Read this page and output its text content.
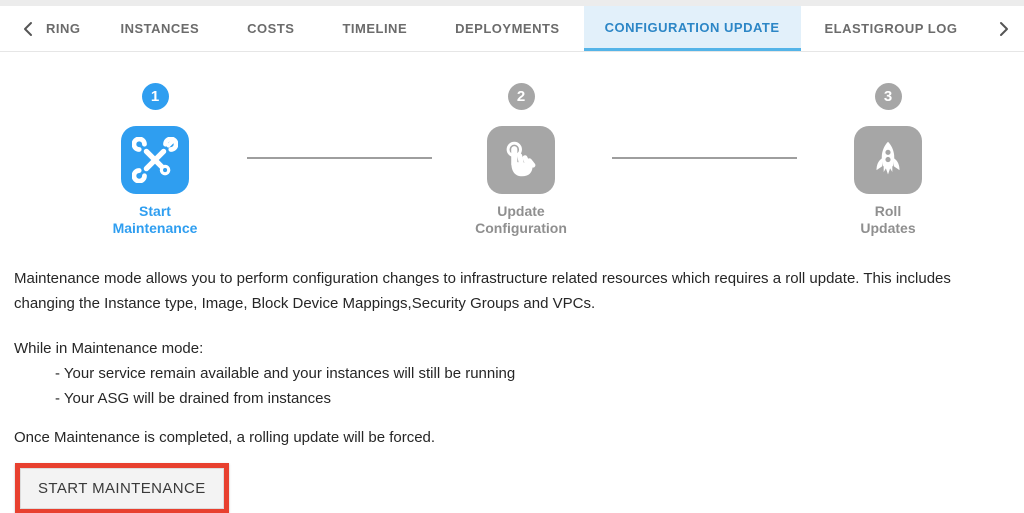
RING	INSTANCES	COSTS	TIMELINE	DEPLOYMENTS	CONFIGURATION UPDATE	ELASTIGROUP LOG
1
Start
Maintenance
2
Update
Configuration
3
Roll
Updates

Maintenance mode allows you to perform configuration changes to infrastructure related resources which requires a roll update. This includes changing the Instance type, Image, Block Device Mappings,Security Groups and VPCs.

While in Maintenance mode:

- Your service remain available and your instances will still be running

- Your ASG will be drained from instances

Once Maintenance is completed, a rolling update will be forced.

START MAINTENANCE
